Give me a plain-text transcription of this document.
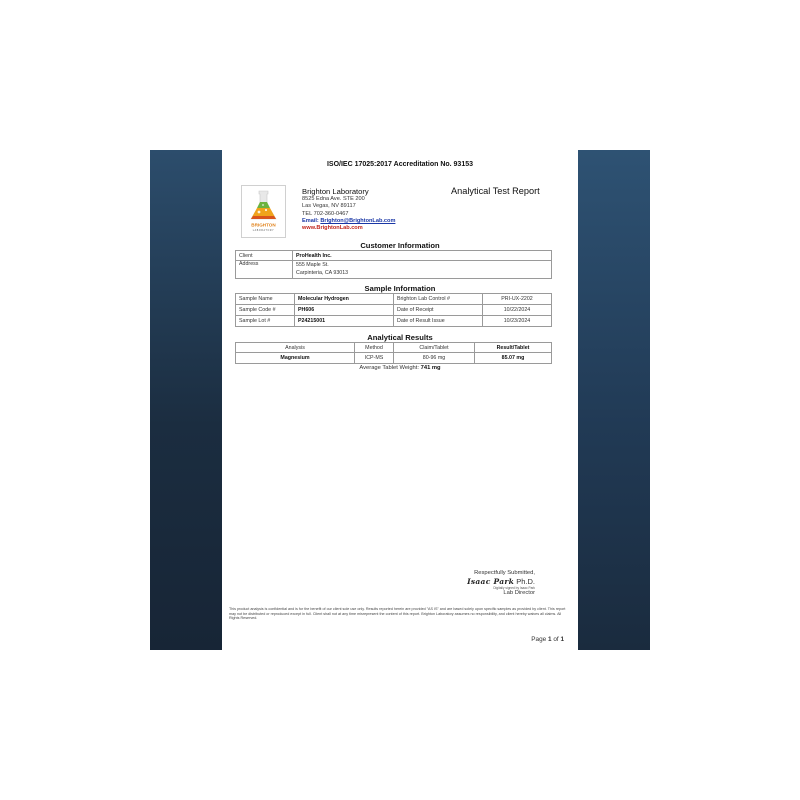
ISO/IEC 17025:2017 Accreditation No. 93153
BRIGHTON
LABORATORY
Brighton Laboratory
8525 Edna Ave. STE 200
Las Vegas, NV 89117
TEL 702-360-0467
Email: Brighton@BrightonLab.com
www.BrightonLab.com
Analytical Test Report
Customer Information
Client	ProHealth Inc.
Address	555 Maple St.
Carpinteria, CA 93013
Sample Information
Sample Name	Molecular Hydrogen	Brighton Lab Control #	PRI-UX-2202
Sample Code #	PH606	Date of Receipt	10/22/2024
Sample Lot #	P24215001	Date of Result Issue	10/23/2024
Analytical Results
Analysis	Method	Claim/Tablet	Result/Tablet
Magnesium	ICP-MS	80-96 mg	85.07 mg
Average Tablet Weight: 741 mg
Respectfully Submitted,
Isaac Park Ph.D.
Digitally signed by Isaac Park
Lab Director
This product analysis is confidential and is for the benefit of our client sole use only. Results reported herein are provided "AS IS" and are based solely upon specific samples as provided by client. This report may not be distributed or reproduced except in full. Client shall not at any time misrepresent the content of this report. Brighton Laboratory assumes no responsibility, and client hereby waives all claims. All Rights Reserved.
Page 1 of 1
